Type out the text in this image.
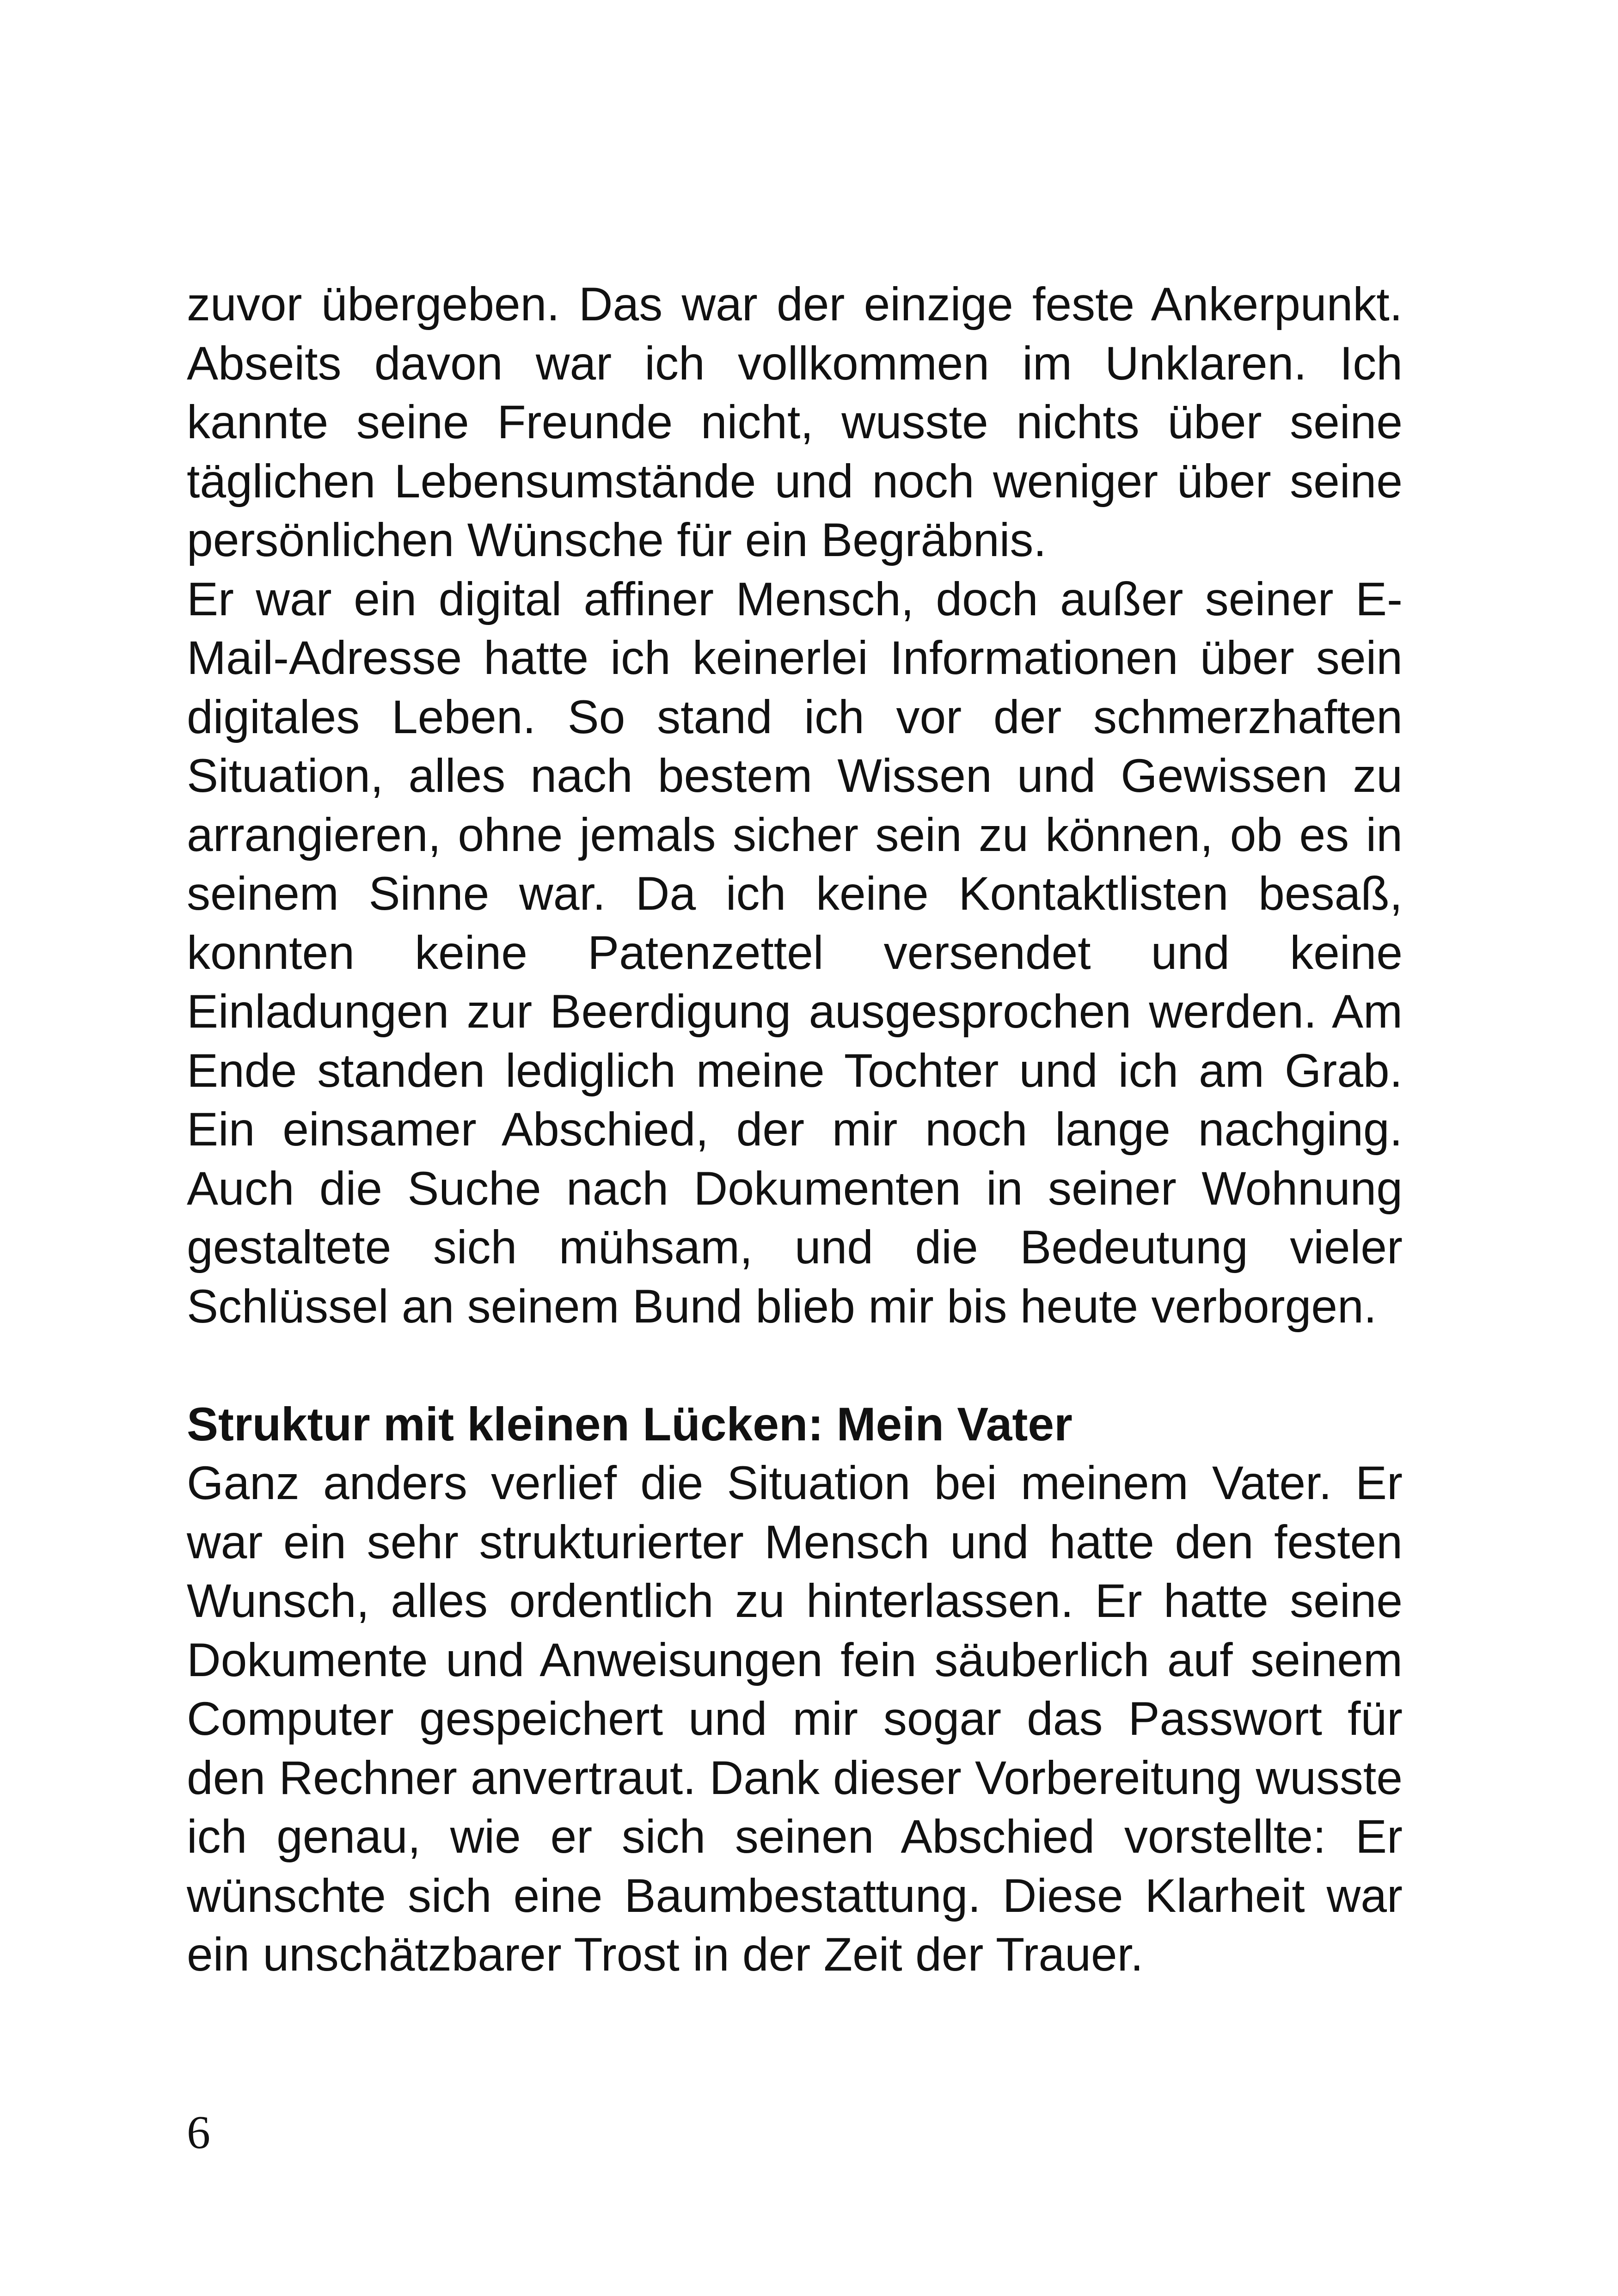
zuvor übergeben. Das war der einzige feste Ankerpunkt. Abseits davon war ich vollkommen im Unklaren. Ich kannte seine Freunde nicht, wusste nichts über seine täglichen Lebensumstände und noch weniger über seine persönlichen Wünsche für ein Begräbnis.

Er war ein digital affiner Mensch, doch außer seiner E-Mail-Adresse hatte ich keinerlei Informationen über sein digitales Leben. So stand ich vor der schmerzhaften Situation, alles nach bestem Wissen und Gewissen zu arrangieren, ohne jemals sicher sein zu können, ob es in seinem Sinne war. Da ich keine Kontaktlisten besaß, konnten keine Patenzettel versendet und keine Einladungen zur Beerdigung ausgesprochen werden. Am Ende standen lediglich meine Tochter und ich am Grab. Ein einsamer Abschied, der mir noch lange nachging. Auch die Suche nach Dokumenten in seiner Wohnung gestaltete sich mühsam, und die Bedeutung vieler Schlüssel an seinem Bund blieb mir bis heute verborgen.

Struktur mit kleinen Lücken: Mein Vater

Ganz anders verlief die Situation bei meinem Vater. Er war ein sehr strukturierter Mensch und hatte den festen Wunsch, alles ordentlich zu hinterlassen. Er hatte seine Dokumente und Anweisungen fein säuberlich auf seinem Computer gespeichert und mir sogar das Passwort für den Rechner anvertraut. Dank dieser Vorbereitung wusste ich genau, wie er sich seinen Abschied vorstellte: Er wünschte sich eine Baumbestattung. Diese Klarheit war ein unschätzbarer Trost in der Zeit der Trauer.

6
